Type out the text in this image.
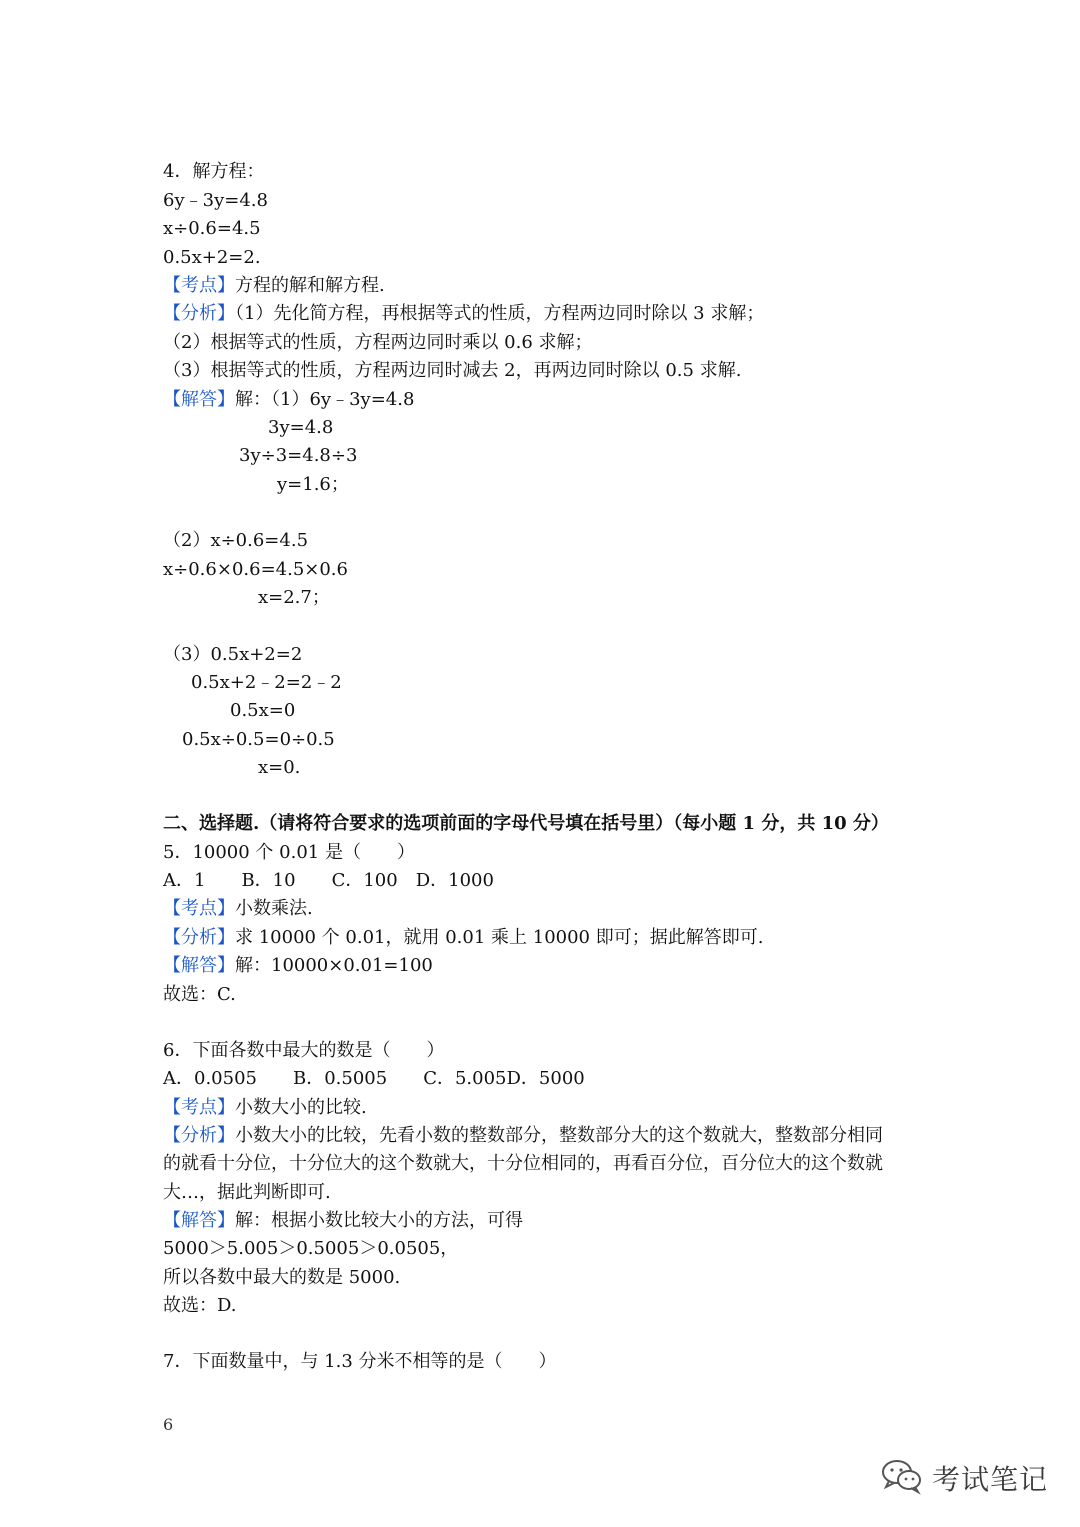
4．解方程：
6y﹣3y=4.8
x÷0.6=4.5
0.5x+2=2.
【考点】方程的解和解方程.
【分析】（1）先化简方程，再根据等式的性质，方程两边同时除以 3 求解；
（2）根据等式的性质，方程两边同时乘以 0.6 求解；
（3）根据等式的性质，方程两边同时减去 2，再两边同时除以 0.5 求解.
【解答】解：（1）6y﹣3y=4.8
3y=4.8
3y÷3=4.8÷3
y=1.6；
（2）x÷0.6=4.5
x÷0.6×0.6=4.5×0.6
x=2.7；
（3）0.5x+2=2
0.5x+2﹣2=2﹣2
0.5x=0
0.5x÷0.5=0÷0.5
x=0.
二、选择题.（请将符合要求的选项前面的字母代号填在括号里）（每小题 1 分，共 10 分）
5．10000 个 0.01 是（　　）
A．1　　B．10　　C．100　D．1000
【考点】小数乘法.
【分析】求 10000 个 0.01，就用 0.01 乘上 10000 即可；据此解答即可.
【解答】解：10000×0.01=100
故选：C.
6．下面各数中最大的数是（　　）
A．0.0505　　B．0.5005　　C．5.005D．5000
【考点】小数大小的比较.
【分析】小数大小的比较，先看小数的整数部分，整数部分大的这个数就大，整数部分相同
的就看十分位，十分位大的这个数就大，十分位相同的，再看百分位，百分位大的这个数就
大…，据此判断即可.
【解答】解：根据小数比较大小的方法，可得
5000＞5.005＞0.5005＞0.0505，
所以各数中最大的数是 5000.
故选：D.
7．下面数量中，与 1.3 分米不相等的是（　　）
6
考试笔记
